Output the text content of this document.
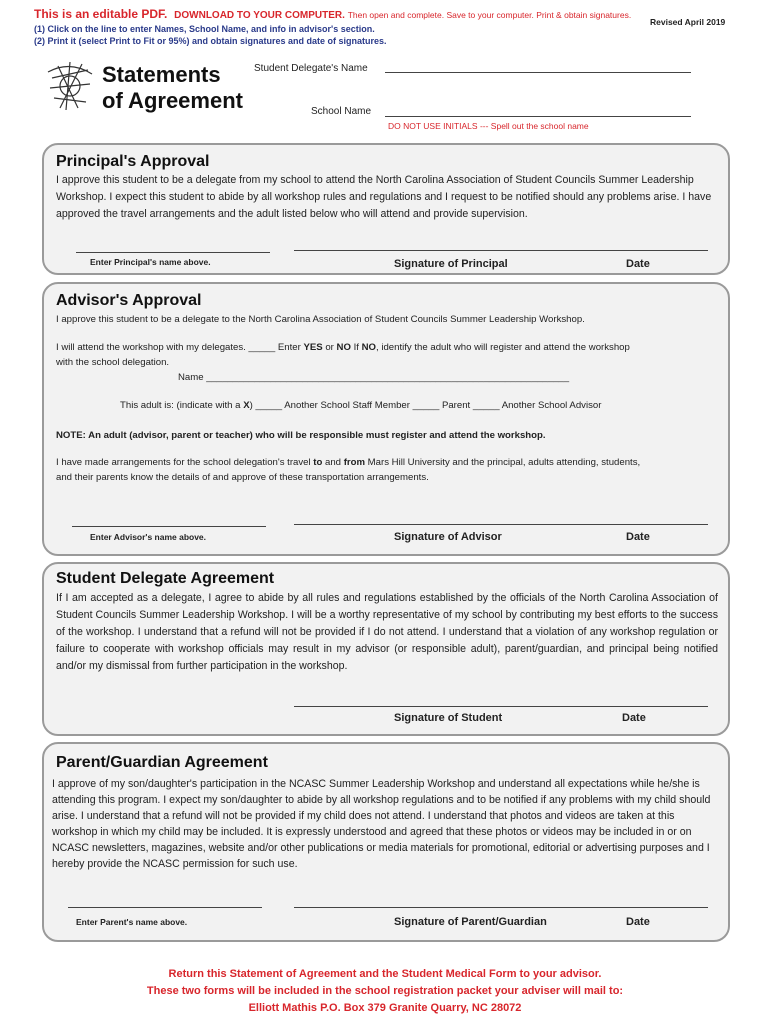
This is an editable PDF. DOWNLOAD TO YOUR COMPUTER. Then open and complete. Save to your computer. Print & obtain signatures.
(1) Click on the line to enter Names, School Name, and info in advisor's section.
(2) Print it (select Print to Fit or 95%) and obtain signatures and date of signatures.
Revised April 2019
Statements
of Agreement
Student Delegate's Name
School Name
DO NOT USE INITIALS --- Spell out the school name
Principal's Approval
I approve this student to be a delegate from my school to attend the North Carolina Association of Student Councils Summer Leadership Workshop. I expect this student to abide by all workshop rules and regulations and I request to be notified should any problems arise. I have approved the travel arrangements and the adult listed below who will attend and provide supervision.
Enter Principal's name above.	Signature of Principal	Date
Advisor's Approval
I approve this student to be a delegate to the North Carolina Association of Student Councils Summer Leadership Workshop.
I will attend the workshop with my delegates. _____ Enter YES or NO If NO, identify the adult who will register and attend the workshop
with the school delegation.
Name ____________________________________________________________________
This adult is: (indicate with a X) _____ Another School Staff Member _____ Parent _____ Another School Advisor
NOTE: An adult (advisor, parent or teacher) who will be responsible must register and attend the workshop.
I have made arrangements for the school delegation's travel to and from Mars Hill University and the principal, adults attending, students,
and their parents know the details of and approve of these transportation arrangements.
Enter Advisor's name above.	Signature of Advisor	Date
Student Delegate Agreement
If I am accepted as a delegate, I agree to abide by all rules and regulations established by the officials of the North Carolina Association of Student Councils Summer Leadership Workshop. I will be a worthy representative of my school by contributing my best efforts to the success of the workshop. I understand that a refund will not be provided if I do not attend. I understand that a violation of any workshop regulation or failure to cooperate with workshop officials may result in my advisor (or responsible adult), parent/guardian, and principal being notified and/or my dismissal from further participation in the workshop.
Signature of Student	Date
Parent/Guardian Agreement
I approve of my son/daughter's participation in the NCASC Summer Leadership Workshop and understand all expectations while he/she is attending this program. I expect my son/daughter to abide by all workshop regulations and to be notified if any problems with my child should arise. I understand that a refund will not be provided if my child does not attend. I understand that photos and videos are taken at this workshop in which my child may be included. It is expressly understood and agreed that these photos or videos may be included in or on NCASC newsletters, magazines, website and/or other publications or media materials for promotional, editorial or advertising purposes and I hereby provide the NCASC permission for such use.
Enter Parent's name above.	Signature of Parent/Guardian	Date
Return this Statement of Agreement and the Student Medical Form to your advisor.
These two forms will be included in the school registration packet your adviser will mail to:
Elliott Mathis P.O. Box 379 Granite Quarry, NC 28072
